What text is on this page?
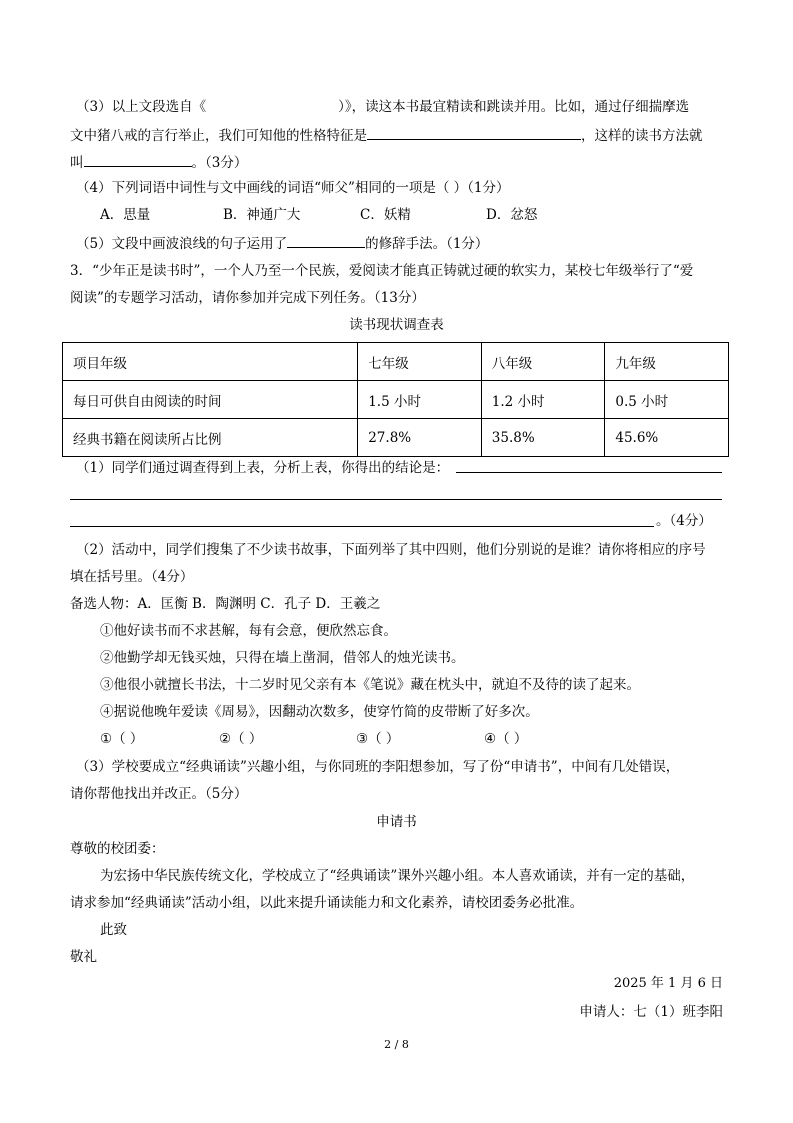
（3）以上文段选自《	）》，读这本书最宜精读和跳读并用。比如，通过仔细揣摩选
文中猪八戒的言行举止，我们可知他的性格特征是	，这样的读书方法就
叫	。（3分）
（4）下列词语中词性与文中画线的词语“师父”相同的一项是（ ）（1分）
A．思量	B．神通广大	C．妖精	D．忿怒
（5）文段中画波浪线的句子运用了	的修辞手法。（1分）
3．“少年正是读书时”，一个人乃至一个民族，爱阅读才能真正铸就过硬的软实力，某校七年级举行了“爱
阅读”的专题学习活动，请你参加并完成下列任务。（13分）
读书现状调查表
项目年级	七年级	八年级	九年级
每日可供自由阅读的时间	1.5 小时	1.2 小时	0.5 小时
经典书籍在阅读所占比例	27.8%	35.8%	45.6%
（1）同学们通过调查得到上表，分析上表，你得出的结论是：
。（4分）
（2）活动中，同学们搜集了不少读书故事，下面列举了其中四则，他们分别说的是谁？请你将相应的序号
填在括号里。（4分）
备选人物：A．匡衡 B．陶渊明 C．孔子 D．王羲之
①他好读书而不求甚解，每有会意，便欣然忘食。
②他勤学却无钱买烛，只得在墙上凿洞，借邻人的烛光读书。
③他很小就擅长书法，十二岁时见父亲有本《笔说》藏在枕头中，就迫不及待的读了起来。
④据说他晚年爱读《周易》，因翻动次数多，使穿竹简的皮带断了好多次。
①（ ）	②（ ）	③（ ）	④（ ）
（3）学校要成立“经典诵读”兴趣小组，与你同班的李阳想参加，写了份“申请书”，中间有几处错误，
请你帮他找出并改正。（5分）
申请书
尊敬的校团委：
为宏扬中华民族传统文化，学校成立了“经典诵读”课外兴趣小组。本人喜欢诵读，并有一定的基础，
请求参加“经典诵读”活动小组，以此来提升诵读能力和文化素养，请校团委务必批准。
此致
敬礼
2025 年 1 月 6 日
申请人：七（1）班李阳
2 / 8
